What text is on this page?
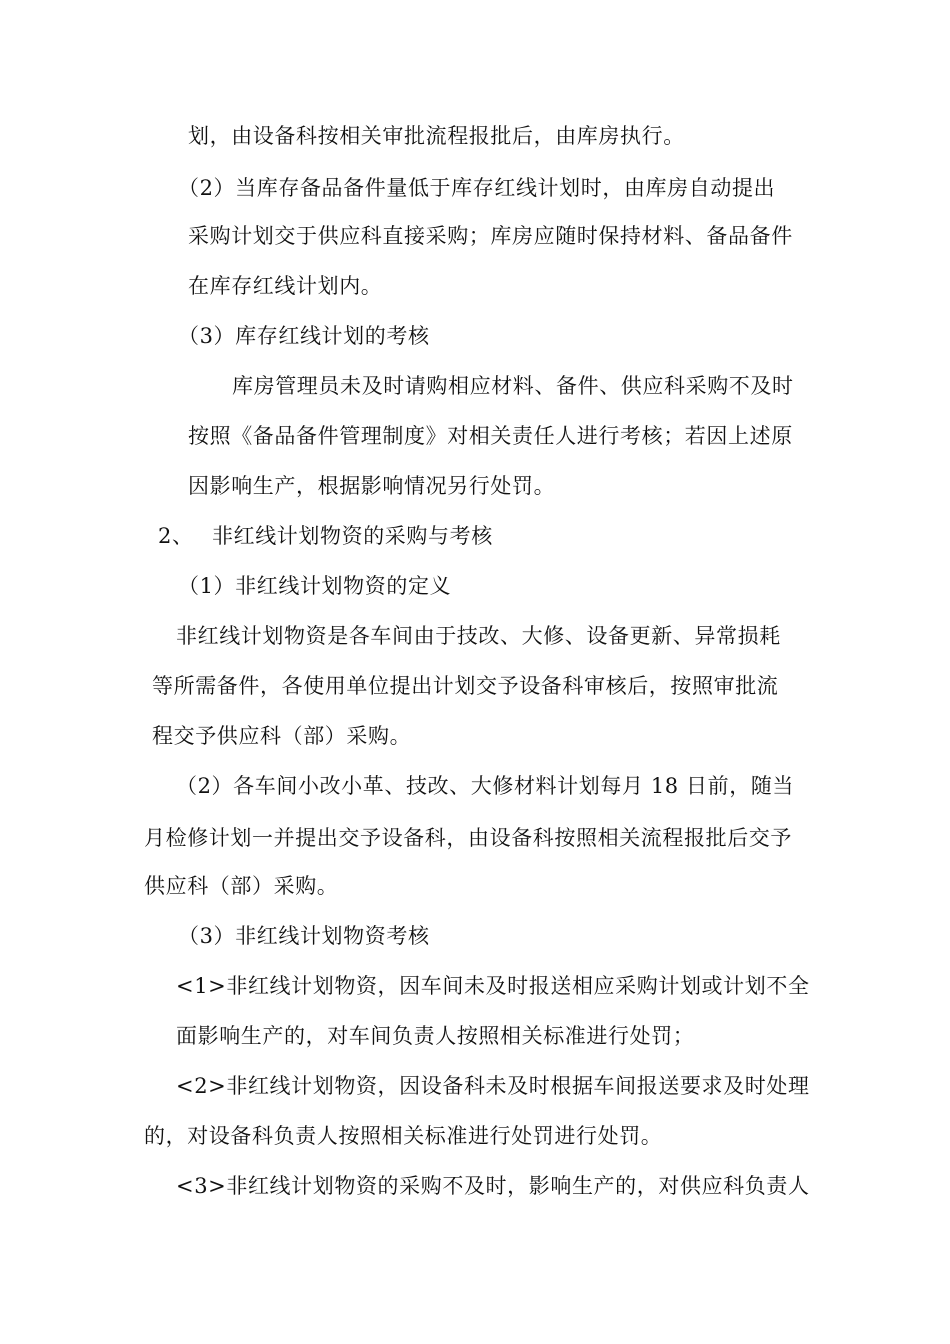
划，由设备科按相关审批流程报批后，由库房执行。
（2）当库存备品备件量低于库存红线计划时，由库房自动提出
采购计划交于供应科直接采购；库房应随时保持材料、备品备件
在库存红线计划内。
（3）库存红线计划的考核
库房管理员未及时请购相应材料、备件、供应科采购不及时
按照《备品备件管理制度》对相关责任人进行考核；若因上述原
因影响生产，根据影响情况另行处罚。
2、 非红线计划物资的采购与考核
（1）非红线计划物资的定义
非红线计划物资是各车间由于技改、大修、设备更新、异常损耗
等所需备件，各使用单位提出计划交予设备科审核后，按照审批流
程交予供应科（部）采购。
（2）各车间小改小革、技改、大修材料计划每月 18 日前，随当
月检修计划一并提出交予设备科，由设备科按照相关流程报批后交予
供应科（部）采购。
（3）非红线计划物资考核
<1>非红线计划物资，因车间未及时报送相应采购计划或计划不全
面影响生产的，对车间负责人按照相关标准进行处罚；
<2>非红线计划物资，因设备科未及时根据车间报送要求及时处理
的，对设备科负责人按照相关标准进行处罚进行处罚。
<3>非红线计划物资的采购不及时，影响生产的，对供应科负责人
